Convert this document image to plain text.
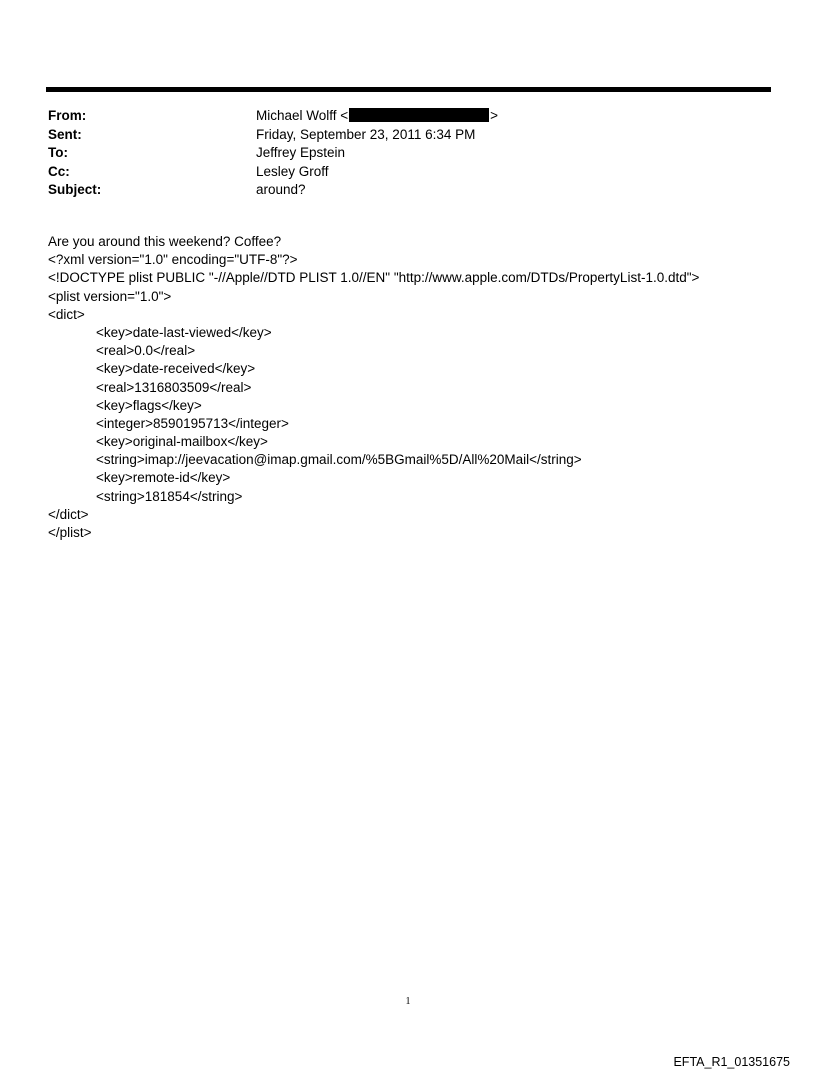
From:	Michael Wolff <	>
Sent:	Friday, September 23, 2011 6:34 PM
To:	Jeffrey Epstein
Cc:	Lesley Groff
Subject:	around?
Are you around this weekend? Coffee?
<?xml version="1.0" encoding="UTF-8"?>
<!DOCTYPE plist PUBLIC "-//Apple//DTD PLIST 1.0//EN" "http://www.apple.com/DTDs/PropertyList-1.0.dtd">
<plist version="1.0">
<dict>
<key>date-last-viewed</key>
<real>0.0</real>
<key>date-received</key>
<real>1316803509</real>
<key>flags</key>
<integer>8590195713</integer>
<key>original-mailbox</key>
<string>imap://jeevacation@imap.gmail.com/%5BGmail%5D/All%20Mail</string>
<key>remote-id</key>
<string>181854</string>
</dict>
</plist>
1
EFTA_R1_01351675
